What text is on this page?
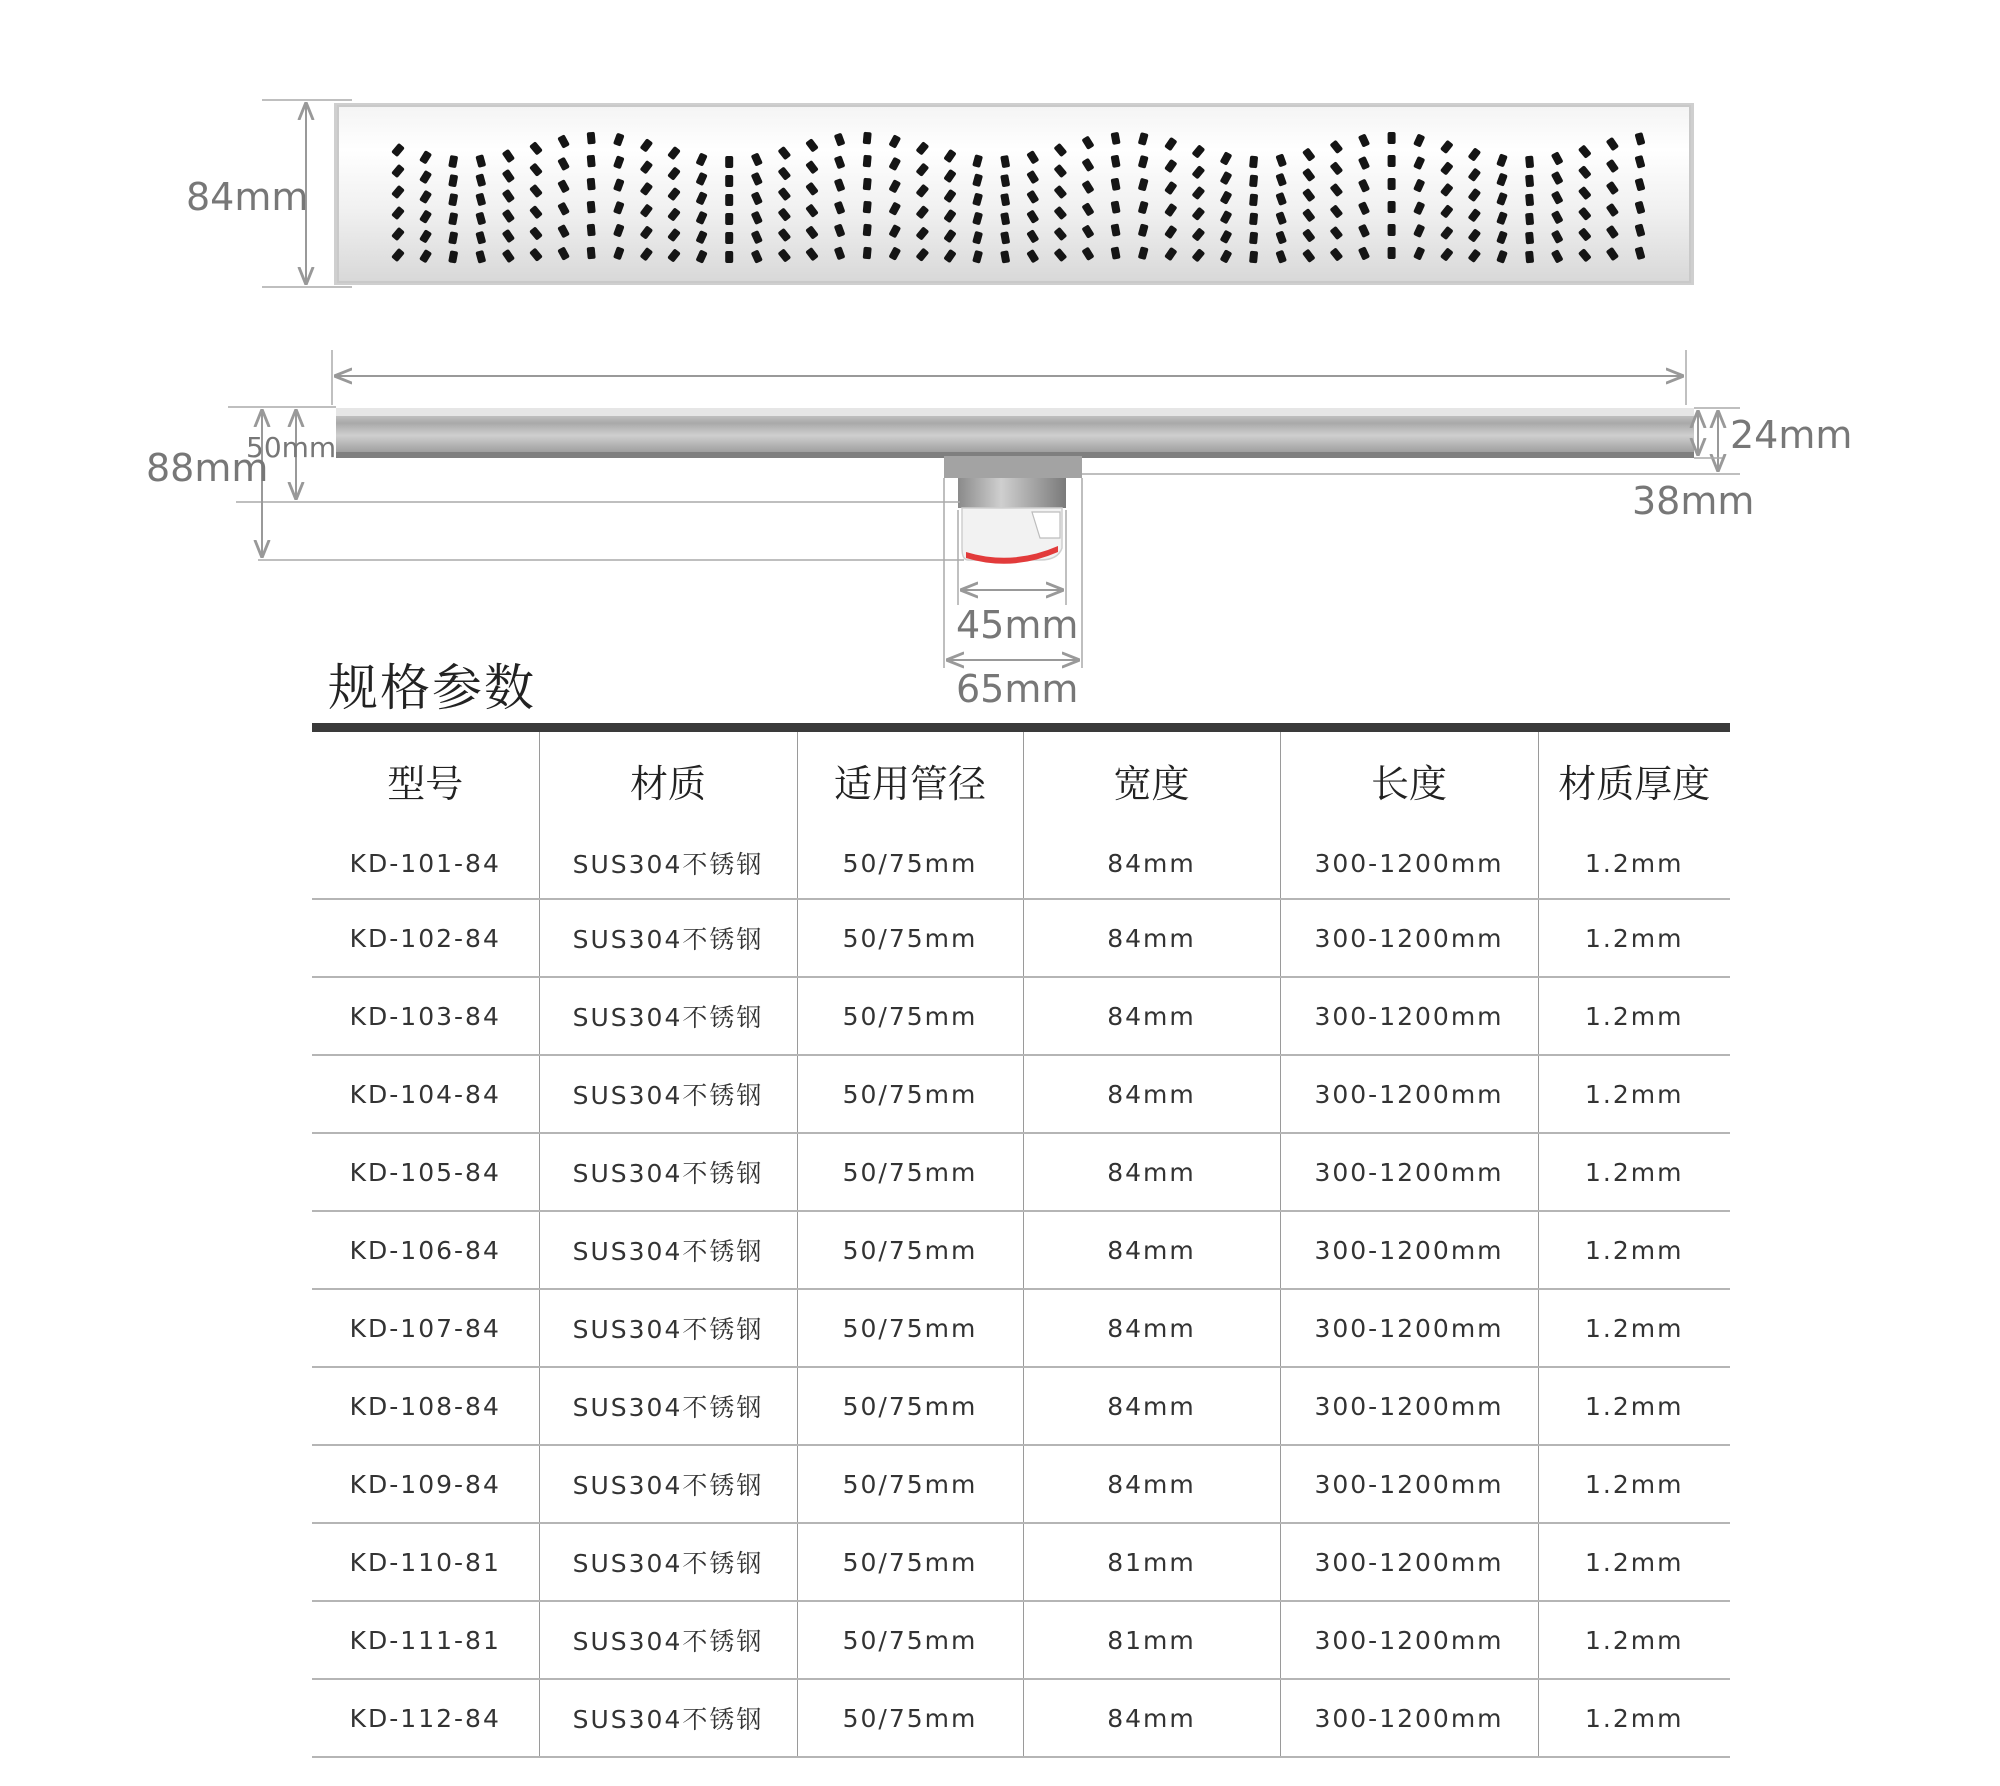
84mm
88mm
50mm	24mm
38mm
45mm
65mm
规格参数
型号	材质	适用管径	宽度	长度	材质厚度
KD-101-84	SUS304不锈钢	50/75mm	84mm	300-1200mm	1.2mm
KD-102-84	SUS304不锈钢	50/75mm	84mm	300-1200mm	1.2mm
KD-103-84	SUS304不锈钢	50/75mm	84mm	300-1200mm	1.2mm
KD-104-84	SUS304不锈钢	50/75mm	84mm	300-1200mm	1.2mm
KD-105-84	SUS304不锈钢	50/75mm	84mm	300-1200mm	1.2mm
KD-106-84	SUS304不锈钢	50/75mm	84mm	300-1200mm	1.2mm
KD-107-84	SUS304不锈钢	50/75mm	84mm	300-1200mm	1.2mm
KD-108-84	SUS304不锈钢	50/75mm	84mm	300-1200mm	1.2mm
KD-109-84	SUS304不锈钢	50/75mm	84mm	300-1200mm	1.2mm
KD-110-81	SUS304不锈钢	50/75mm	81mm	300-1200mm	1.2mm
KD-111-81	SUS304不锈钢	50/75mm	81mm	300-1200mm	1.2mm
KD-112-84	SUS304不锈钢	50/75mm	84mm	300-1200mm	1.2mm
